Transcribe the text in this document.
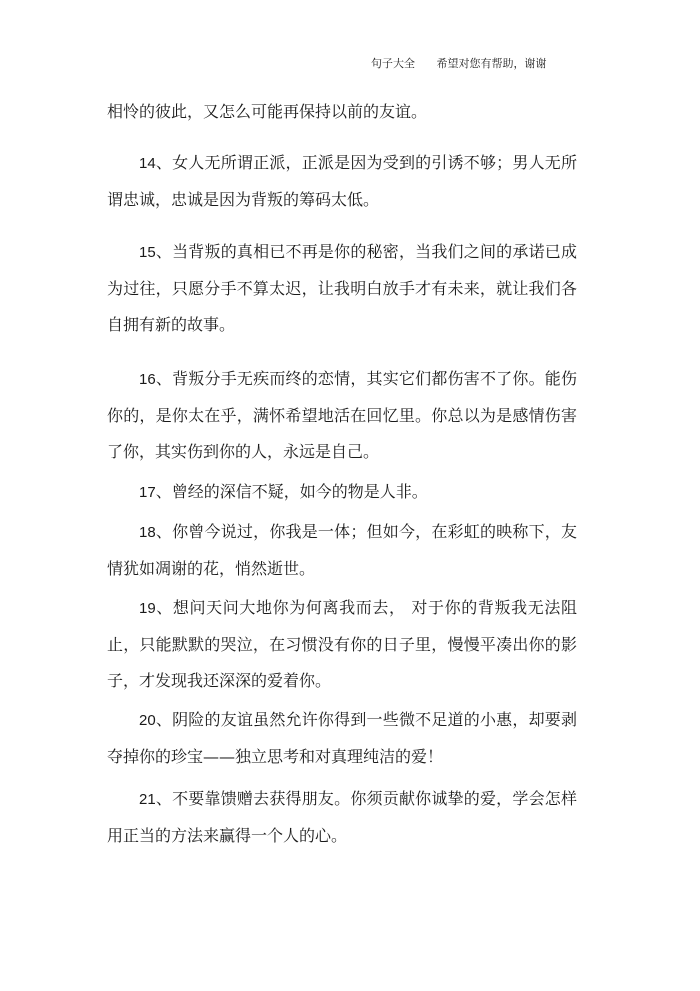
句子大全 希望对您有帮助，谢谢

相怜的彼此，又怎么可能再保持以前的友谊。

14、女人无所谓正派，正派是因为受到的引诱不够；男人无所谓忠诚，忠诚是因为背叛的筹码太低。

15、当背叛的真相已不再是你的秘密，当我们之间的承诺已成为过往，只愿分手不算太迟，让我明白放手才有未来，就让我们各自拥有新的故事。

16、背叛分手无疾而终的恋情，其实它们都伤害不了你。能伤你的，是你太在乎，满怀希望地活在回忆里。你总以为是感情伤害了你，其实伤到你的人，永远是自己。

17、曾经的深信不疑，如今的物是人非。

18、你曾今说过，你我是一体；但如今，在彩虹的映称下，友情犹如凋谢的花，悄然逝世。

19、想问天问大地你为何离我而去， 对于你的背叛我无法阻止，只能默默的哭泣，在习惯没有你的日子里，慢慢平凑出你的影子，才发现我还深深的爱着你。

20、阴险的友谊虽然允许你得到一些微不足道的小惠，却要剥夺掉你的珍宝——独立思考和对真理纯洁的爱！

21、不要靠馈赠去获得朋友。你须贡献你诚挚的爱，学会怎样用正当的方法来赢得一个人的心。
